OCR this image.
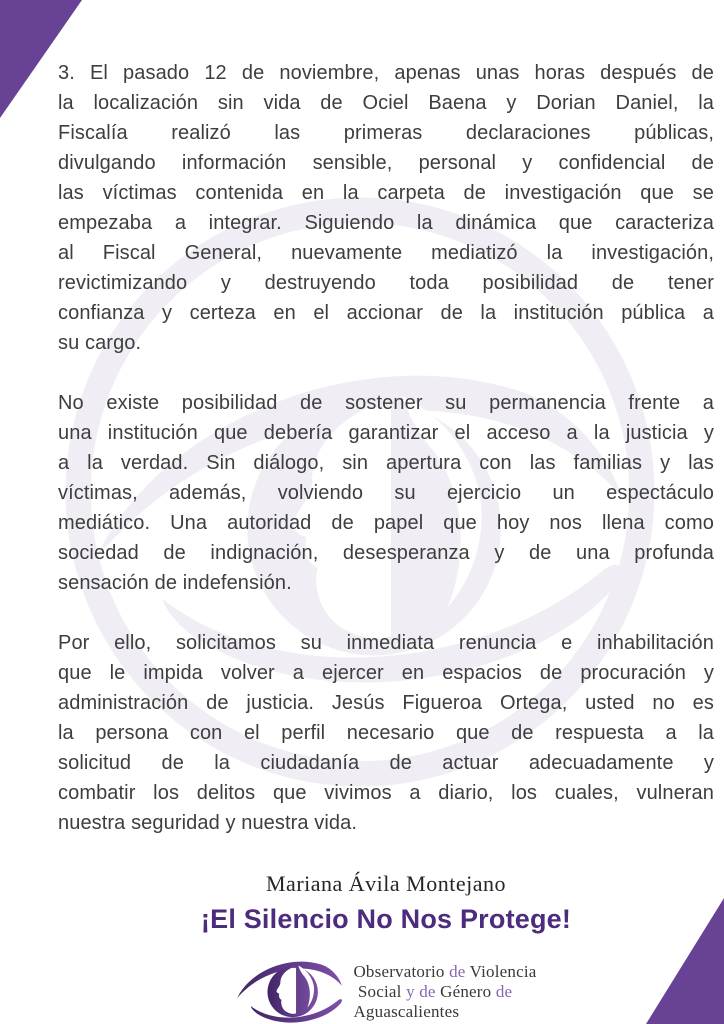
3. El pasado 12 de noviembre, apenas unas horas después de
la localización sin vida de Ociel Baena y Dorian Daniel, la
Fiscalía realizó las primeras declaraciones públicas,
divulgando información sensible, personal y confidencial de
las víctimas contenida en la carpeta de investigación que se
empezaba a integrar. Siguiendo la dinámica que caracteriza
al Fiscal General, nuevamente mediatizó la investigación,
revictimizando y destruyendo toda posibilidad de tener
confianza y certeza en el accionar de la institución pública a
su cargo.
No existe posibilidad de sostener su permanencia frente a
una institución que debería garantizar el acceso a la justicia y
a la verdad. Sin diálogo, sin apertura con las familias y las
víctimas, además, volviendo su ejercicio un espectáculo
mediático. Una autoridad de papel que hoy nos llena como
sociedad de indignación, desesperanza y de una profunda
sensación de indefensión.
Por ello, solicitamos su inmediata renuncia e inhabilitación
que le impida volver a ejercer en espacios de procuración y
administración de justicia. Jesús Figueroa Ortega, usted no es
la persona con el perfil necesario que de respuesta a la
solicitud de la ciudadanía de actuar adecuadamente y
combatir los delitos que vivimos a diario, los cuales, vulneran
nuestra seguridad y nuestra vida.
Mariana Ávila Montejano
¡El Silencio No Nos Protege!
Observatorio de Violencia
Social y de Género de
Aguascalientes
